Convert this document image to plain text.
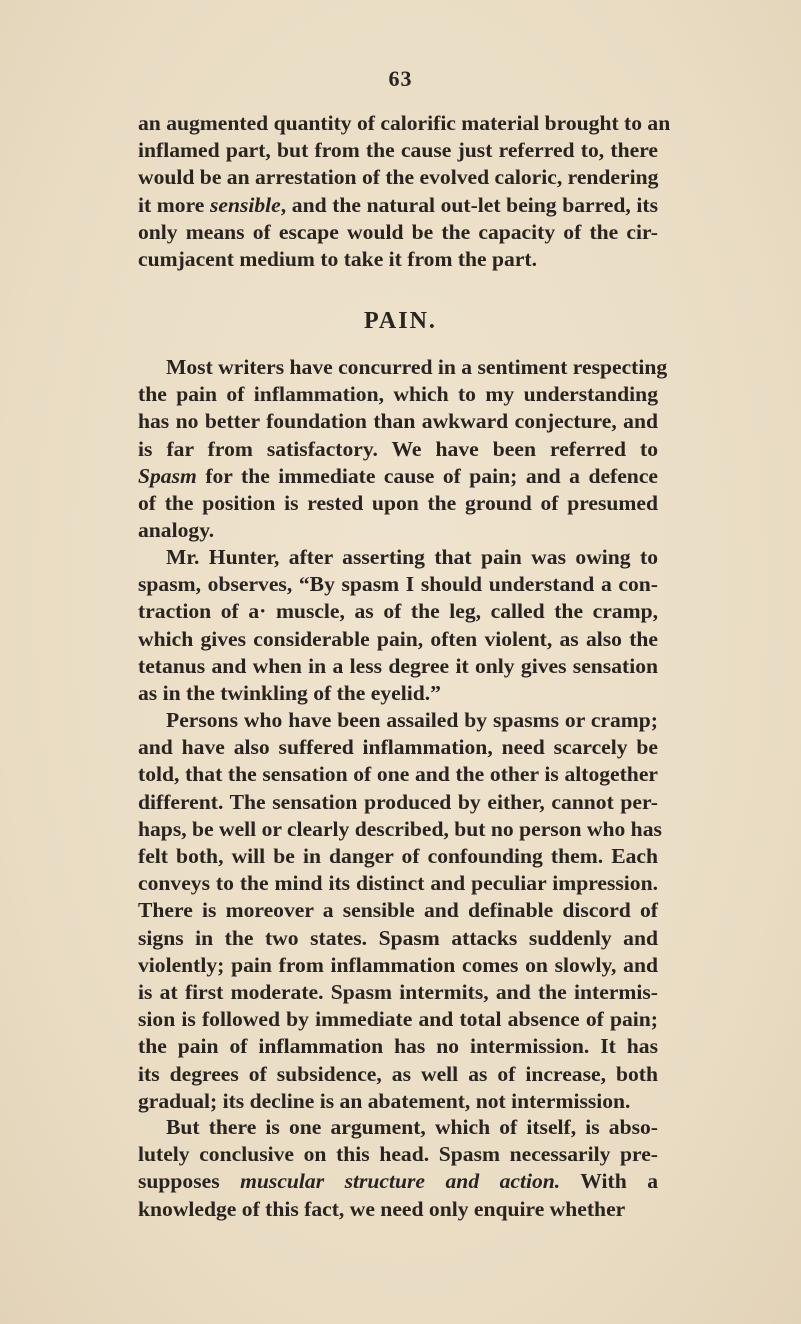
63
an augmented quantity of calorific material brought to an
inflamed part, but from the cause just referred to, there
would be an arrestation of the evolved caloric, rendering
it more sensible, and the natural out-let being barred, its
only means of escape would be the capacity of the cir-
cumjacent medium to take it from the part.
PAIN.
Most writers have concurred in a sentiment respecting
the pain of inflammation, which to my understanding
has no better foundation than awkward conjecture, and
is far from satisfactory. We have been referred to
Spasm for the immediate cause of pain; and a defence
of the position is rested upon the ground of presumed
analogy.
Mr. Hunter, after asserting that pain was owing to
spasm, observes, “By spasm I should understand a con-
traction of a· muscle, as of the leg, called the cramp,
which gives considerable pain, often violent, as also the
tetanus and when in a less degree it only gives sensation
as in the twinkling of the eyelid.”
Persons who have been assailed by spasms or cramp;
and have also suffered inflammation, need scarcely be
told, that the sensation of one and the other is altogether
different. The sensation produced by either, cannot per-
haps, be well or clearly described, but no person who has
felt both, will be in danger of confounding them. Each
conveys to the mind its distinct and peculiar impression.
There is moreover a sensible and definable discord of
signs in the two states. Spasm attacks suddenly and
violently; pain from inflammation comes on slowly, and
is at first moderate. Spasm intermits, and the intermis-
sion is followed by immediate and total absence of pain;
the pain of inflammation has no intermission. It has
its degrees of subsidence, as well as of increase, both
gradual; its decline is an abatement, not intermission.
But there is one argument, which of itself, is abso-
lutely conclusive on this head. Spasm necessarily pre-
supposes muscular structure and action. With a
knowledge of this fact, we need only enquire whether
